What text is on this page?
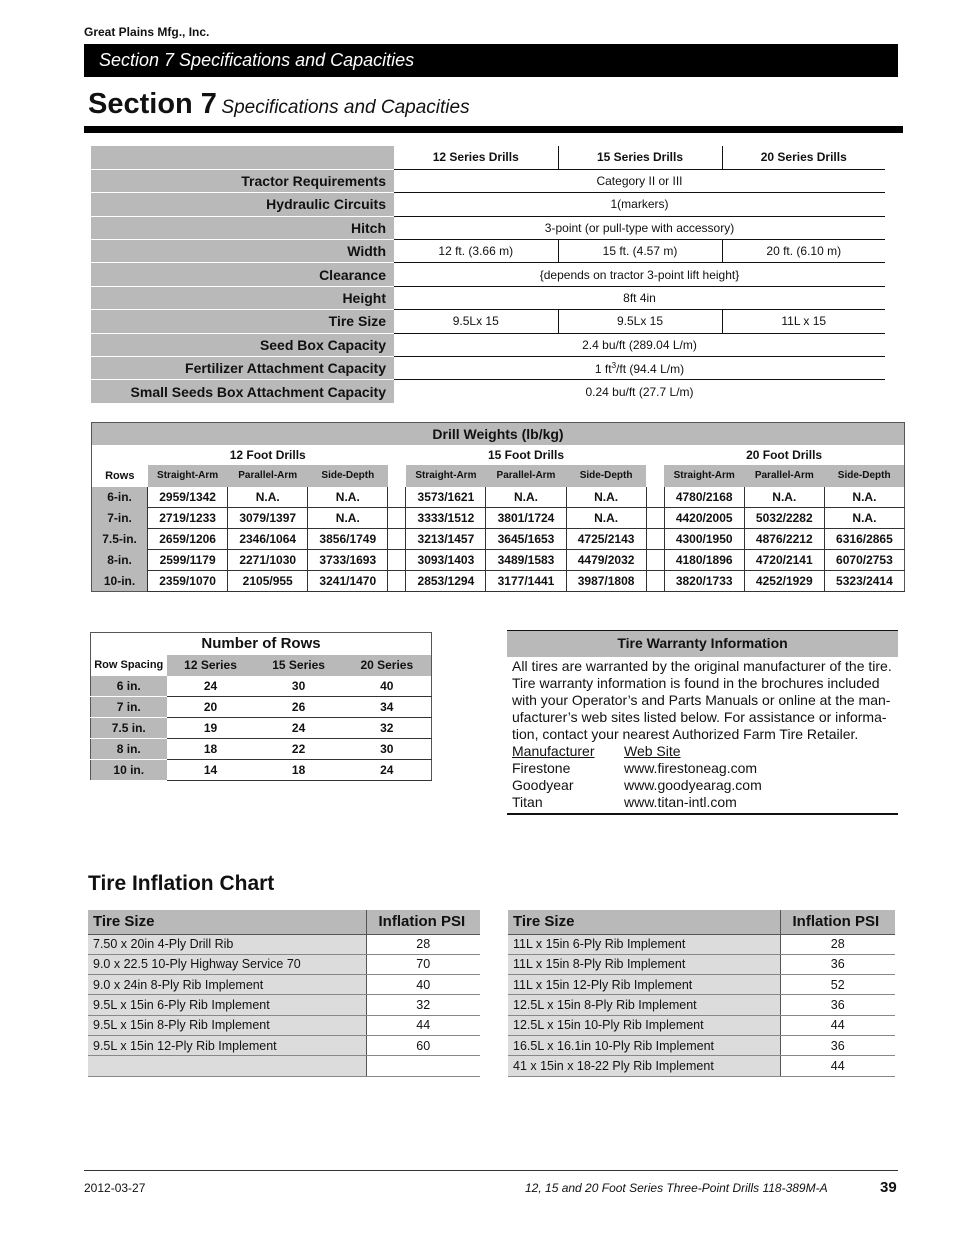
Great Plains Mfg., Inc.
Section 7 Specifications and Capacities
Section 7 Specifications and Capacities
	12 Series Drills	15 Series Drills	20 Series Drills
Tractor Requirements	Category II or III		
Hydraulic Circuits	1(markers)		
Hitch	3-point (or pull-type with accessory)		
Width	12 ft. (3.66 m)	15 ft. (4.57 m)	20 ft. (6.10 m)
Clearance	{depends on tractor 3-point lift height}		
Height	8ft 4in		
Tire Size	9.5Lx 15	9.5Lx 15	11L x 15
Seed Box Capacity	2.4 bu/ft (289.04 L/m)		
Fertilizer Attachment Capacity	1 $ft^3/ft$ (94.4 L/m)		
Small Seeds Box Attachment Capacity	0.24 bu/ft (27.7 L/m)		
Drill Weights (lb/kg)											
	12 Foot Drills				15 Foot Drills				20 Foot Drills		
Rows	Straight-Arm	Parallel-Arm	Side-Depth		Straight-Arm	Parallel-Arm	Side-Depth		Straight-Arm	Parallel-Arm	Side-Depth
6-in.	2959/1342	N.A.	N.A.		3573/1621	N.A.	N.A.		4780/2168	N.A.	N.A.
7-in.	2719/1233	3079/1397	N.A.		3333/1512	3801/1724	N.A.		4420/2005	5032/2282	N.A.
7.5-in.	2659/1206	2346/1064	3856/1749		3213/1457	3645/1653	4725/2143		4300/1950	4876/2212	6316/2865
8-in.	2599/1179	2271/1030	3733/1693		3093/1403	3489/1583	4479/2032		4180/1896	4720/2141	6070/2753
10-in.	2359/1070	2105/955	3241/1470		2853/1294	3177/1441	3987/1808		3820/1733	4252/1929	5323/2414
Number of Rows			
Row Spacing	12 Series	15 Series	20 Series
6 in.	24	30	40
7 in.	20	26	34
7.5 in.	19	24	32
8 in.	18	22	30
10 in.	14	18	24
Tire Warranty Information
All tires are warranted by the original manufacturer of the tire.
Tire warranty information is found in the brochures included
with your Operator’s and Parts Manuals or online at the man-
ufacturer’s web sites listed below. For assistance or informa-
tion, contact your nearest Authorized Farm Tire Retailer.
Manufacturer	Web Site
Firestone	www.firestoneag.com
Goodyear	www.goodyearag.com
Titan	www.titan-intl.com
Tire Inflation Chart
Tire Size	Inflation PSI
7.50 x 20in 4-Ply Drill Rib	28
9.0 x 22.5 10-Ply Highway Service 70	70
9.0 x 24in 8-Ply Rib Implement	40
9.5L x 15in 6-Ply Rib Implement	32
9.5L x 15in 8-Ply Rib Implement	44
9.5L x 15in 12-Ply Rib Implement	60

Tire Size	Inflation PSI
11L x 15in 6-Ply Rib Implement	28
11L x 15in 8-Ply Rib Implement	36
11L x 15in 12-Ply Rib Implement	52
12.5L x 15in 8-Ply Rib Implement	36
12.5L x 15in 10-Ply Rib Implement	44
16.5L x 16.1in 10-Ply Rib Implement	36
41 x 15in x 18-22 Ply Rib Implement	44
2012-03-27	12, 15 and 20 Foot Series Three-Point Drills 118-389M-A	39
